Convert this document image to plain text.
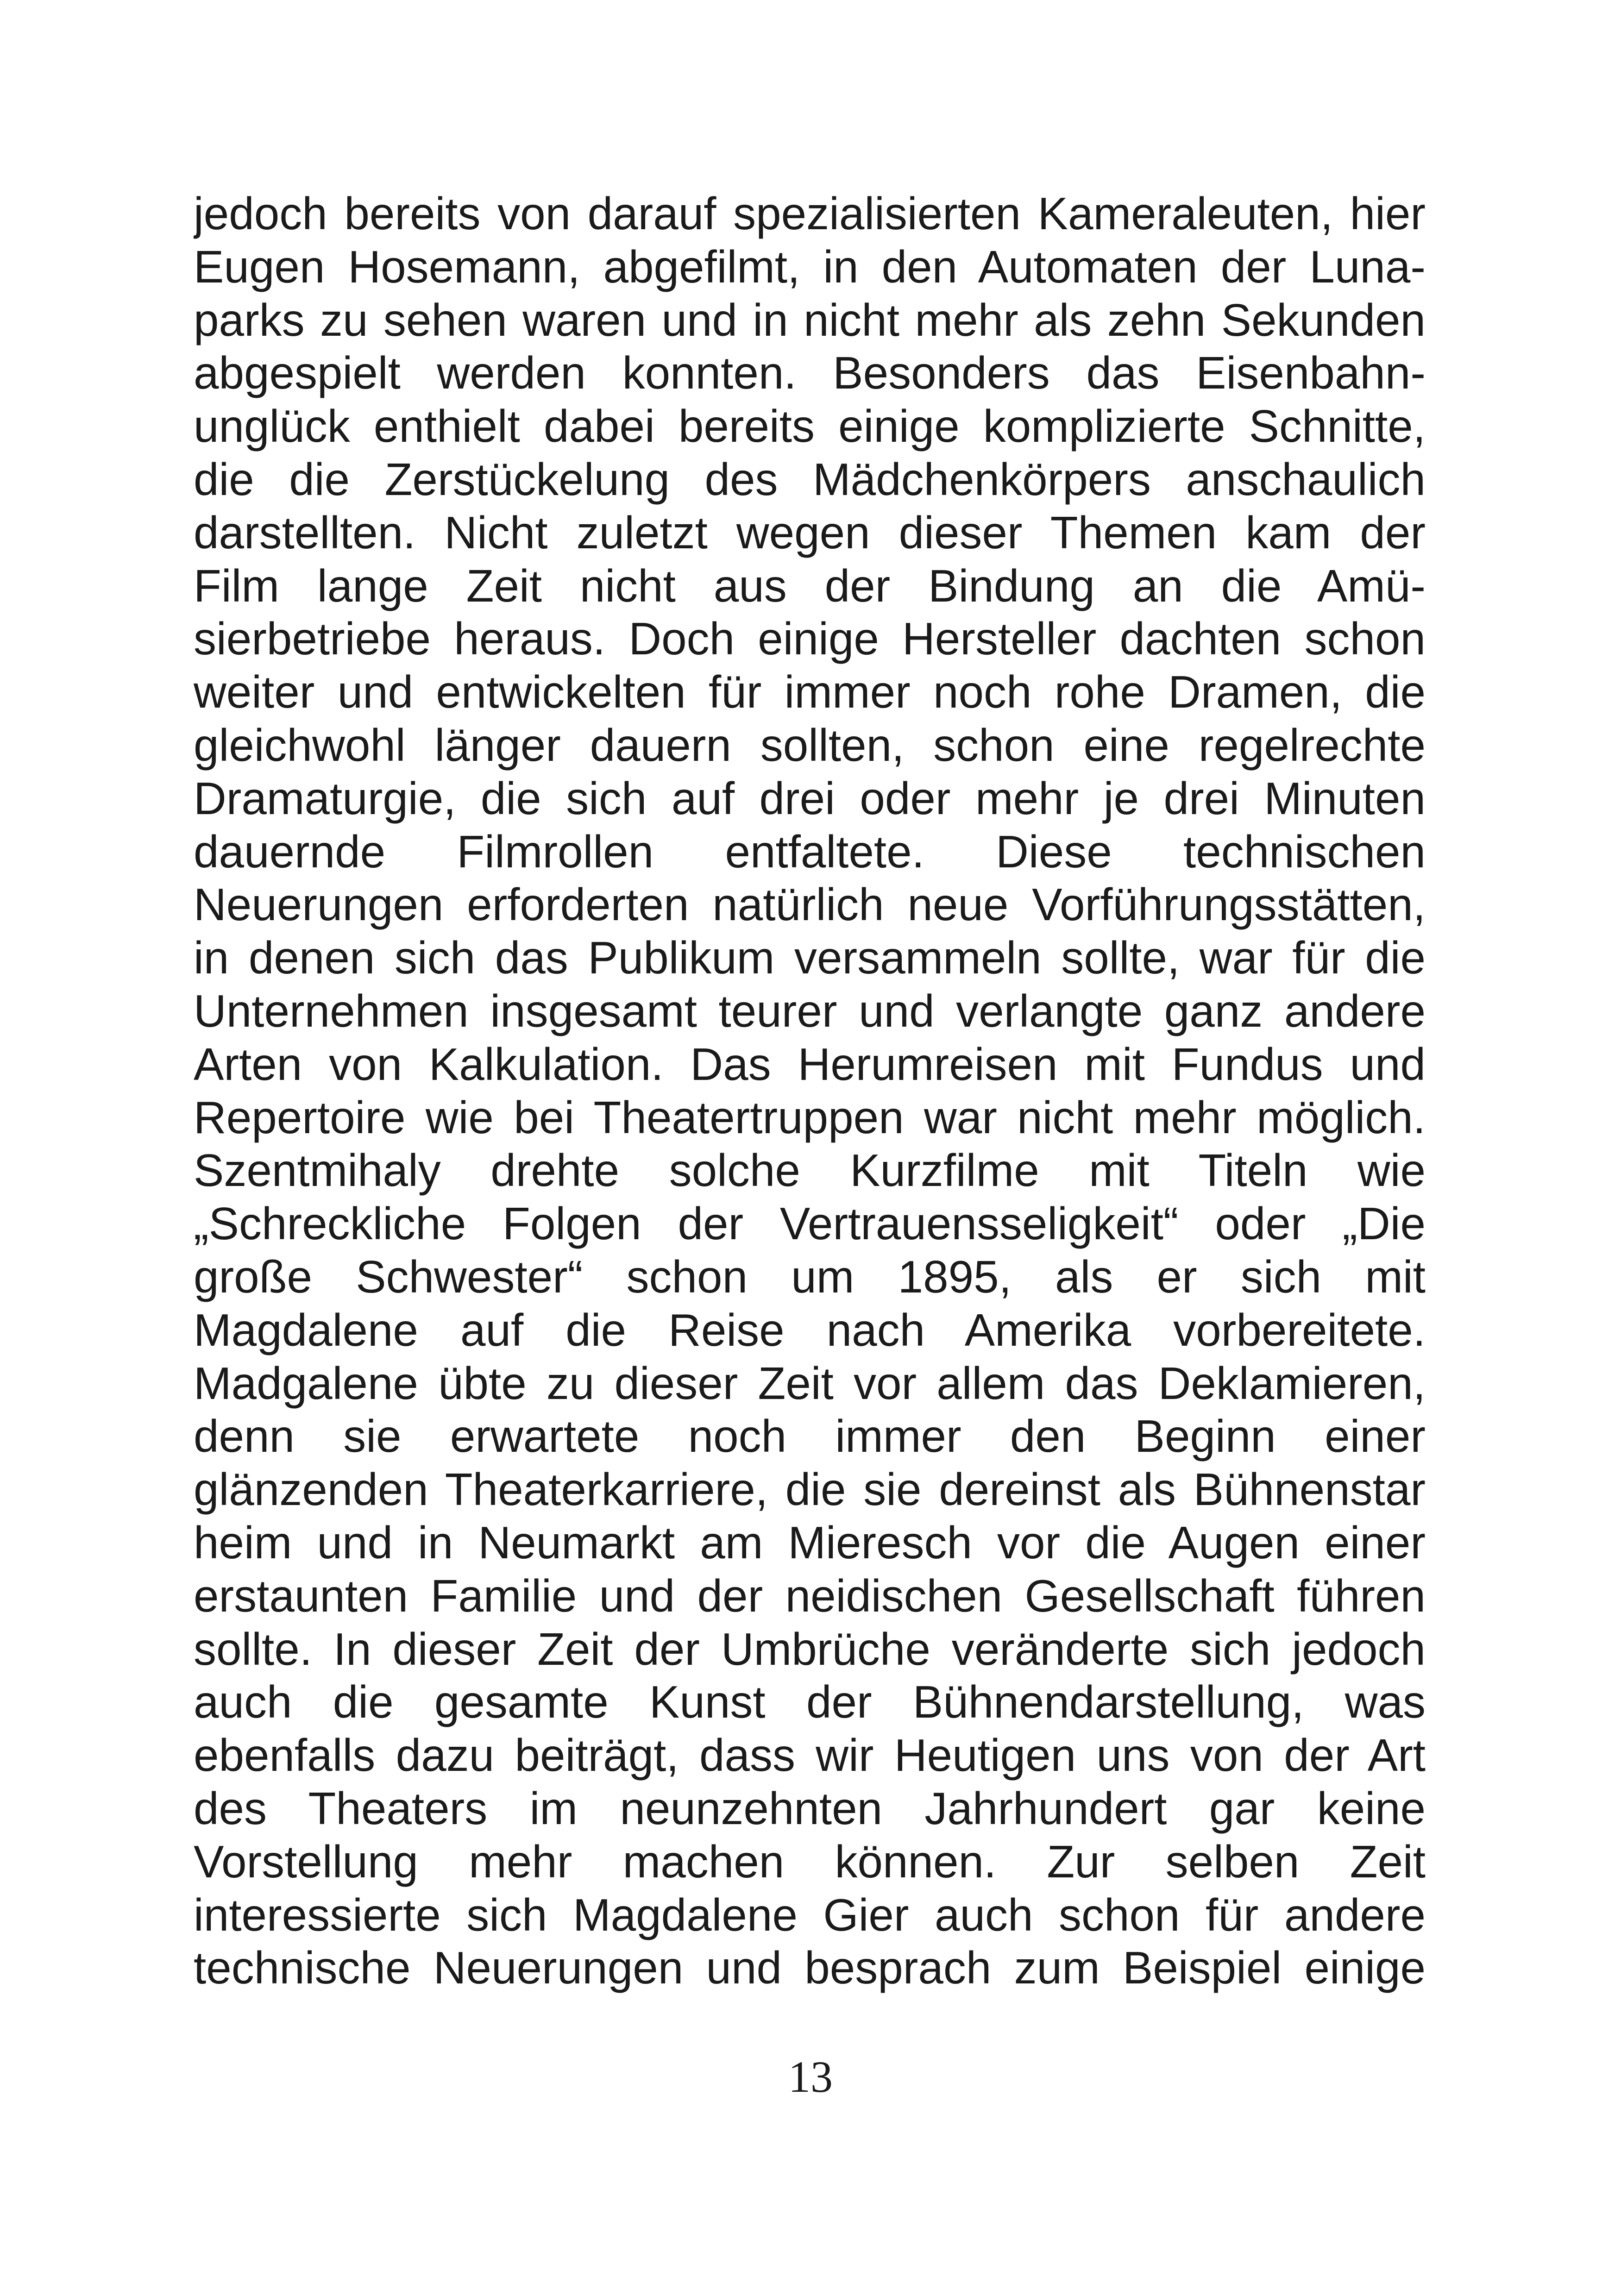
jedoch bereits von darauf spezialisierten Kameraleuten, hier
Eugen Hosemann, abgefilmt, in den Automaten der Luna-
parks zu sehen waren und in nicht mehr als zehn Sekunden
abgespielt werden konnten. Besonders das Eisenbahn-
unglück enthielt dabei bereits einige komplizierte Schnitte,
die die Zerstückelung des Mädchenkörpers anschaulich
darstellten. Nicht zuletzt wegen dieser Themen kam der
Film lange Zeit nicht aus der Bindung an die Amü-
sierbetriebe heraus. Doch einige Hersteller dachten schon
weiter und entwickelten für immer noch rohe Dramen, die
gleichwohl länger dauern sollten, schon eine regelrechte
Dramaturgie, die sich auf drei oder mehr je drei Minuten
dauernde Filmrollen entfaltete. Diese technischen
Neuerungen erforderten natürlich neue Vorführungsstätten,
in denen sich das Publikum versammeln sollte, war für die
Unternehmen insgesamt teurer und verlangte ganz andere
Arten von Kalkulation. Das Herumreisen mit Fundus und
Repertoire wie bei Theatertruppen war nicht mehr möglich.
Szentmihaly drehte solche Kurzfilme mit Titeln wie
„Schreckliche Folgen der Vertrauensseligkeit“ oder „Die
große Schwester“ schon um 1895, als er sich mit
Magdalene auf die Reise nach Amerika vorbereitete.
Madgalene übte zu dieser Zeit vor allem das Deklamieren,
denn sie erwartete noch immer den Beginn einer
glänzenden Theaterkarriere, die sie dereinst als Bühnenstar
heim und in Neumarkt am Mieresch vor die Augen einer
erstaunten Familie und der neidischen Gesellschaft führen
sollte. In dieser Zeit der Umbrüche veränderte sich jedoch
auch die gesamte Kunst der Bühnendarstellung, was
ebenfalls dazu beiträgt, dass wir Heutigen uns von der Art
des Theaters im neunzehnten Jahrhundert gar keine
Vorstellung mehr machen können. Zur selben Zeit
interessierte sich Magdalene Gier auch schon für andere
technische Neuerungen und besprach zum Beispiel einige
13
